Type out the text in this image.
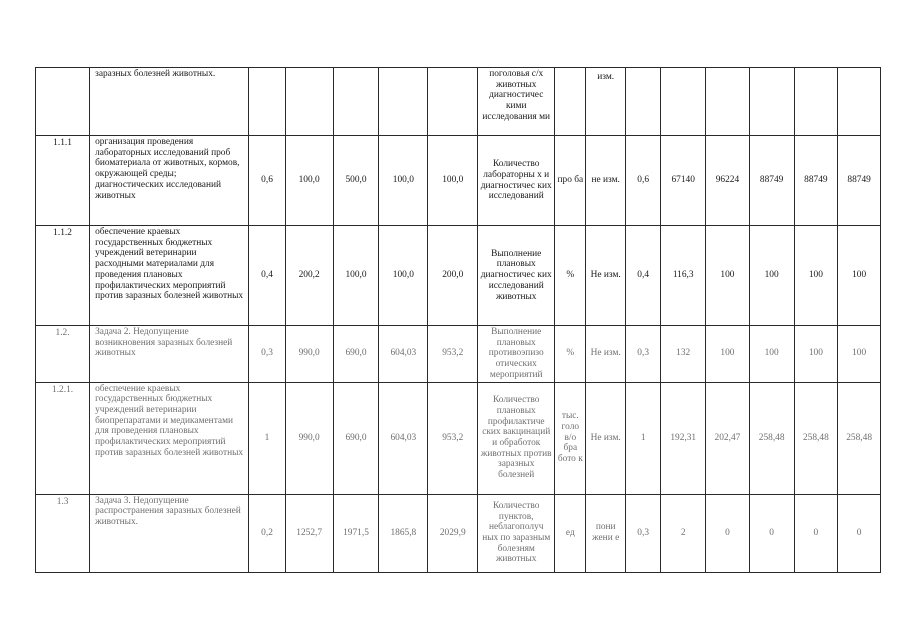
	заразных болезней животных.						поголовья с/х животных диагностичес кими исследования ми		изм.						

1.1.1	организация проведения лабораторных исследований проб биоматериала от животных, кормов, окружающей среды; диагностических исследований животных	0,6	100,0	500,0	100,0	100,0	Количество лабораторны х и диагностичес ких исследований	про ба	не изм.	0,6	67140	96224	88749	88749	88749

1.1.2	обеспечение краевых государственных бюджетных учреждений ветеринарии расходными материалами для проведения плановых профилактических мероприятий против заразных болезней животных	0,4	200,2	100,0	100,0	200,0	Выполнение плановых диагностичес ких исследований животных	%	Не изм.	0,4	116,3	100	100	100	100

1.2.	Задача 2. Недопущение возникновения заразных болезней животных	0,3	990,0	690,0	604,03	953,2	Выполнение плановых противоэпизо отических мероприятий	%	Не изм.	0,3	132	100	100	100	100

1.2.1.	обеспечение краевых государственных бюджетных учреждений ветеринарии биопрепаратами и медикаментами для проведения плановых профилактических мероприятий против заразных болезней животных	1	990,0	690,0	604,03	953,2	Количество плановых профилактиче ских вакцинаций и обработок животных против заразных болезней	тыс. голо в/о бра бото к	Не изм.	1	192,31	202,47	258,48	258,48	258,48

1.3	Задача 3. Недопущение распространения заразных болезней животных.	0,2	1252,7	1971,5	1865,8	2029,9	Количество пунктов, неблагополуч ных по заразным болезням животных	ед	пони жени е	0,3	2	0	0	0	0
